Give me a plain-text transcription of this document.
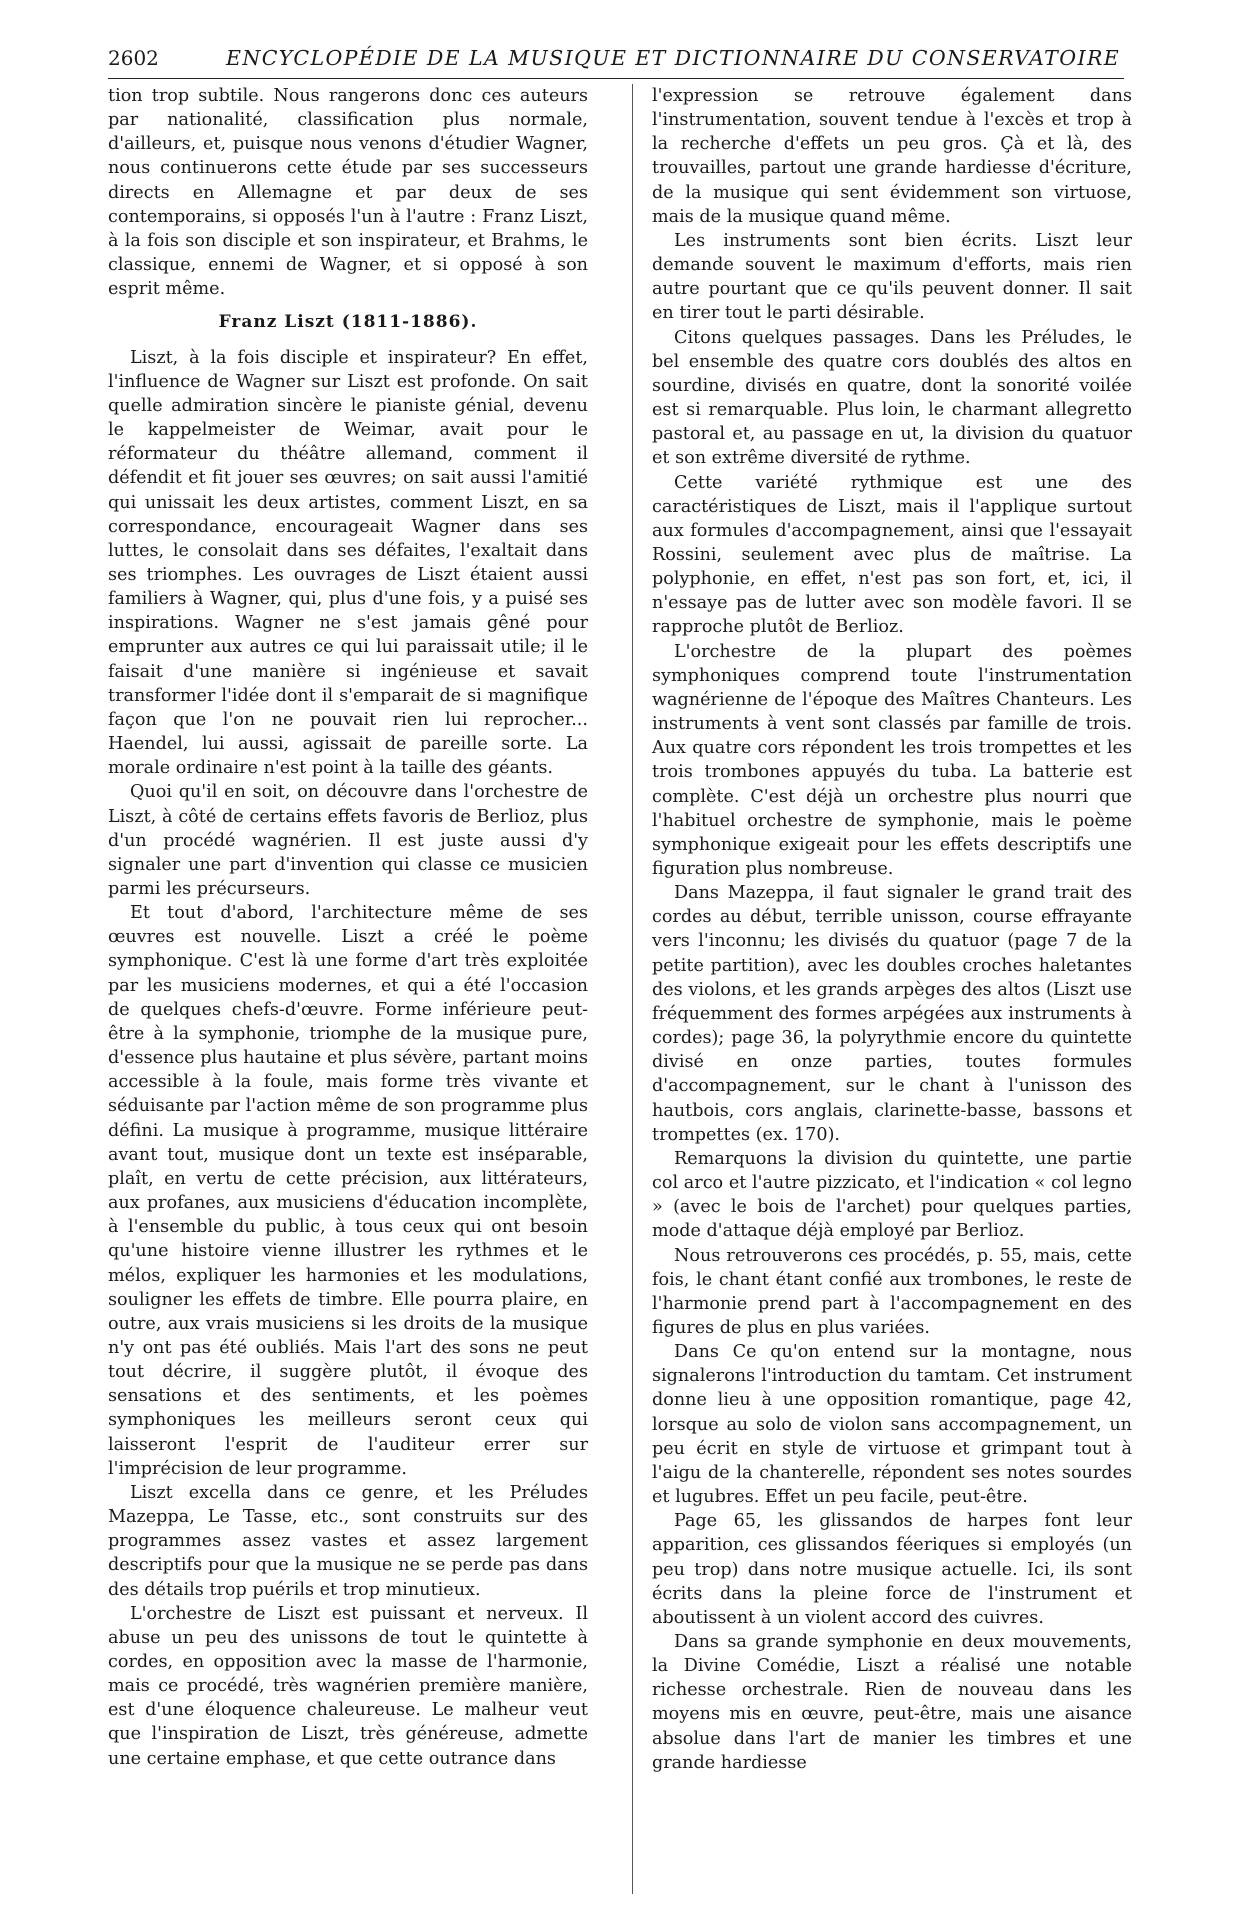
2602	ENCYCLOPÉDIE DE LA MUSIQUE ET DICTIONNAIRE DU CONSERVATOIRE

tion trop subtile. Nous rangerons donc ces auteurs par nationalité, classification plus normale, d'ailleurs, et, puisque nous venons d'étudier Wagner, nous continuerons cette étude par ses successeurs directs en Allemagne et par deux de ses contemporains, si opposés l'un à l'autre : Franz Liszt, à la fois son disciple et son inspirateur, et Brahms, le classique, ennemi de Wagner, et si opposé à son esprit même.

Franz Liszt (1811-1886).

Liszt, à la fois disciple et inspirateur? En effet, l'influence de Wagner sur Liszt est profonde. On sait quelle admiration sincère le pianiste génial, devenu le kappelmeister de Weimar, avait pour le réformateur du théâtre allemand, comment il défendit et fit jouer ses œuvres; on sait aussi l'amitié qui unissait les deux artistes, comment Liszt, en sa correspondance, encourageait Wagner dans ses luttes, le consolait dans ses défaites, l'exaltait dans ses triomphes. Les ouvrages de Liszt étaient aussi familiers à Wagner, qui, plus d'une fois, y a puisé ses inspirations. Wagner ne s'est jamais gêné pour emprunter aux autres ce qui lui paraissait utile; il le faisait d'une manière si ingénieuse et savait transformer l'idée dont il s'emparait de si magnifique façon que l'on ne pouvait rien lui reprocher... Haendel, lui aussi, agissait de pareille sorte. La morale ordinaire n'est point à la taille des géants.

Quoi qu'il en soit, on découvre dans l'orchestre de Liszt, à côté de certains effets favoris de Berlioz, plus d'un procédé wagnérien. Il est juste aussi d'y signaler une part d'invention qui classe ce musicien parmi les précurseurs.

Et tout d'abord, l'architecture même de ses œuvres est nouvelle. Liszt a créé le poème symphonique. C'est là une forme d'art très exploitée par les musiciens modernes, et qui a été l'occasion de quelques chefs-d'œuvre. Forme inférieure peut-être à la symphonie, triomphe de la musique pure, d'essence plus hautaine et plus sévère, partant moins accessible à la foule, mais forme très vivante et séduisante par l'action même de son programme plus défini. La musique à programme, musique littéraire avant tout, musique dont un texte est inséparable, plaît, en vertu de cette précision, aux littérateurs, aux profanes, aux musiciens d'éducation incomplète, à l'ensemble du public, à tous ceux qui ont besoin qu'une histoire vienne illustrer les rythmes et le mélos, expliquer les harmonies et les modulations, souligner les effets de timbre. Elle pourra plaire, en outre, aux vrais musiciens si les droits de la musique n'y ont pas été oubliés. Mais l'art des sons ne peut tout décrire, il suggère plutôt, il évoque des sensations et des sentiments, et les poèmes symphoniques les meilleurs seront ceux qui laisseront l'esprit de l'auditeur errer sur l'imprécision de leur programme.

Liszt excella dans ce genre, et les Préludes Mazeppa, Le Tasse, etc., sont construits sur des programmes assez vastes et assez largement descriptifs pour que la musique ne se perde pas dans des détails trop puérils et trop minutieux.

L'orchestre de Liszt est puissant et nerveux. Il abuse un peu des unissons de tout le quintette à cordes, en opposition avec la masse de l'harmonie, mais ce procédé, très wagnérien première manière, est d'une éloquence chaleureuse. Le malheur veut que l'inspiration de Liszt, très généreuse, admette une certaine emphase, et que cette outrance dans

l'expression se retrouve également dans l'instrumentation, souvent tendue à l'excès et trop à la recherche d'effets un peu gros. Çà et là, des trouvailles, partout une grande hardiesse d'écriture, de la musique qui sent évidemment son virtuose, mais de la musique quand même.

Les instruments sont bien écrits. Liszt leur demande souvent le maximum d'efforts, mais rien autre pourtant que ce qu'ils peuvent donner. Il sait en tirer tout le parti désirable.

Citons quelques passages. Dans les Préludes, le bel ensemble des quatre cors doublés des altos en sourdine, divisés en quatre, dont la sonorité voilée est si remarquable. Plus loin, le charmant allegretto pastoral et, au passage en ut, la division du quatuor et son extrême diversité de rythme.

Cette variété rythmique est une des caractéristiques de Liszt, mais il l'applique surtout aux formules d'accompagnement, ainsi que l'essayait Rossini, seulement avec plus de maîtrise. La polyphonie, en effet, n'est pas son fort, et, ici, il n'essaye pas de lutter avec son modèle favori. Il se rapproche plutôt de Berlioz.

L'orchestre de la plupart des poèmes symphoniques comprend toute l'instrumentation wagnérienne de l'époque des Maîtres Chanteurs. Les instruments à vent sont classés par famille de trois. Aux quatre cors répondent les trois trompettes et les trois trombones appuyés du tuba. La batterie est complète. C'est déjà un orchestre plus nourri que l'habituel orchestre de symphonie, mais le poème symphonique exigeait pour les effets descriptifs une figuration plus nombreuse.

Dans Mazeppa, il faut signaler le grand trait des cordes au début, terrible unisson, course effrayante vers l'inconnu; les divisés du quatuor (page 7 de la petite partition), avec les doubles croches haletantes des violons, et les grands arpèges des altos (Liszt use fréquemment des formes arpégées aux instruments à cordes); page 36, la polyrythmie encore du quintette divisé en onze parties, toutes formules d'accompagnement, sur le chant à l'unisson des hautbois, cors anglais, clarinette-basse, bassons et trompettes (ex. 170).

Remarquons la division du quintette, une partie col arco et l'autre pizzicato, et l'indication « col legno » (avec le bois de l'archet) pour quelques parties, mode d'attaque déjà employé par Berlioz.

Nous retrouverons ces procédés, p. 55, mais, cette fois, le chant étant confié aux trombones, le reste de l'harmonie prend part à l'accompagnement en des figures de plus en plus variées.

Dans Ce qu'on entend sur la montagne, nous signalerons l'introduction du tamtam. Cet instrument donne lieu à une opposition romantique, page 42, lorsque au solo de violon sans accompagnement, un peu écrit en style de virtuose et grimpant tout à l'aigu de la chanterelle, répondent ses notes sourdes et lugubres. Effet un peu facile, peut-être.

Page 65, les glissandos de harpes font leur apparition, ces glissandos féeriques si employés (un peu trop) dans notre musique actuelle. Ici, ils sont écrits dans la pleine force de l'instrument et aboutissent à un violent accord des cuivres.

Dans sa grande symphonie en deux mouvements, la Divine Comédie, Liszt a réalisé une notable richesse orchestrale. Rien de nouveau dans les moyens mis en œuvre, peut-être, mais une aisance absolue dans l'art de manier les timbres et une grande hardiesse
